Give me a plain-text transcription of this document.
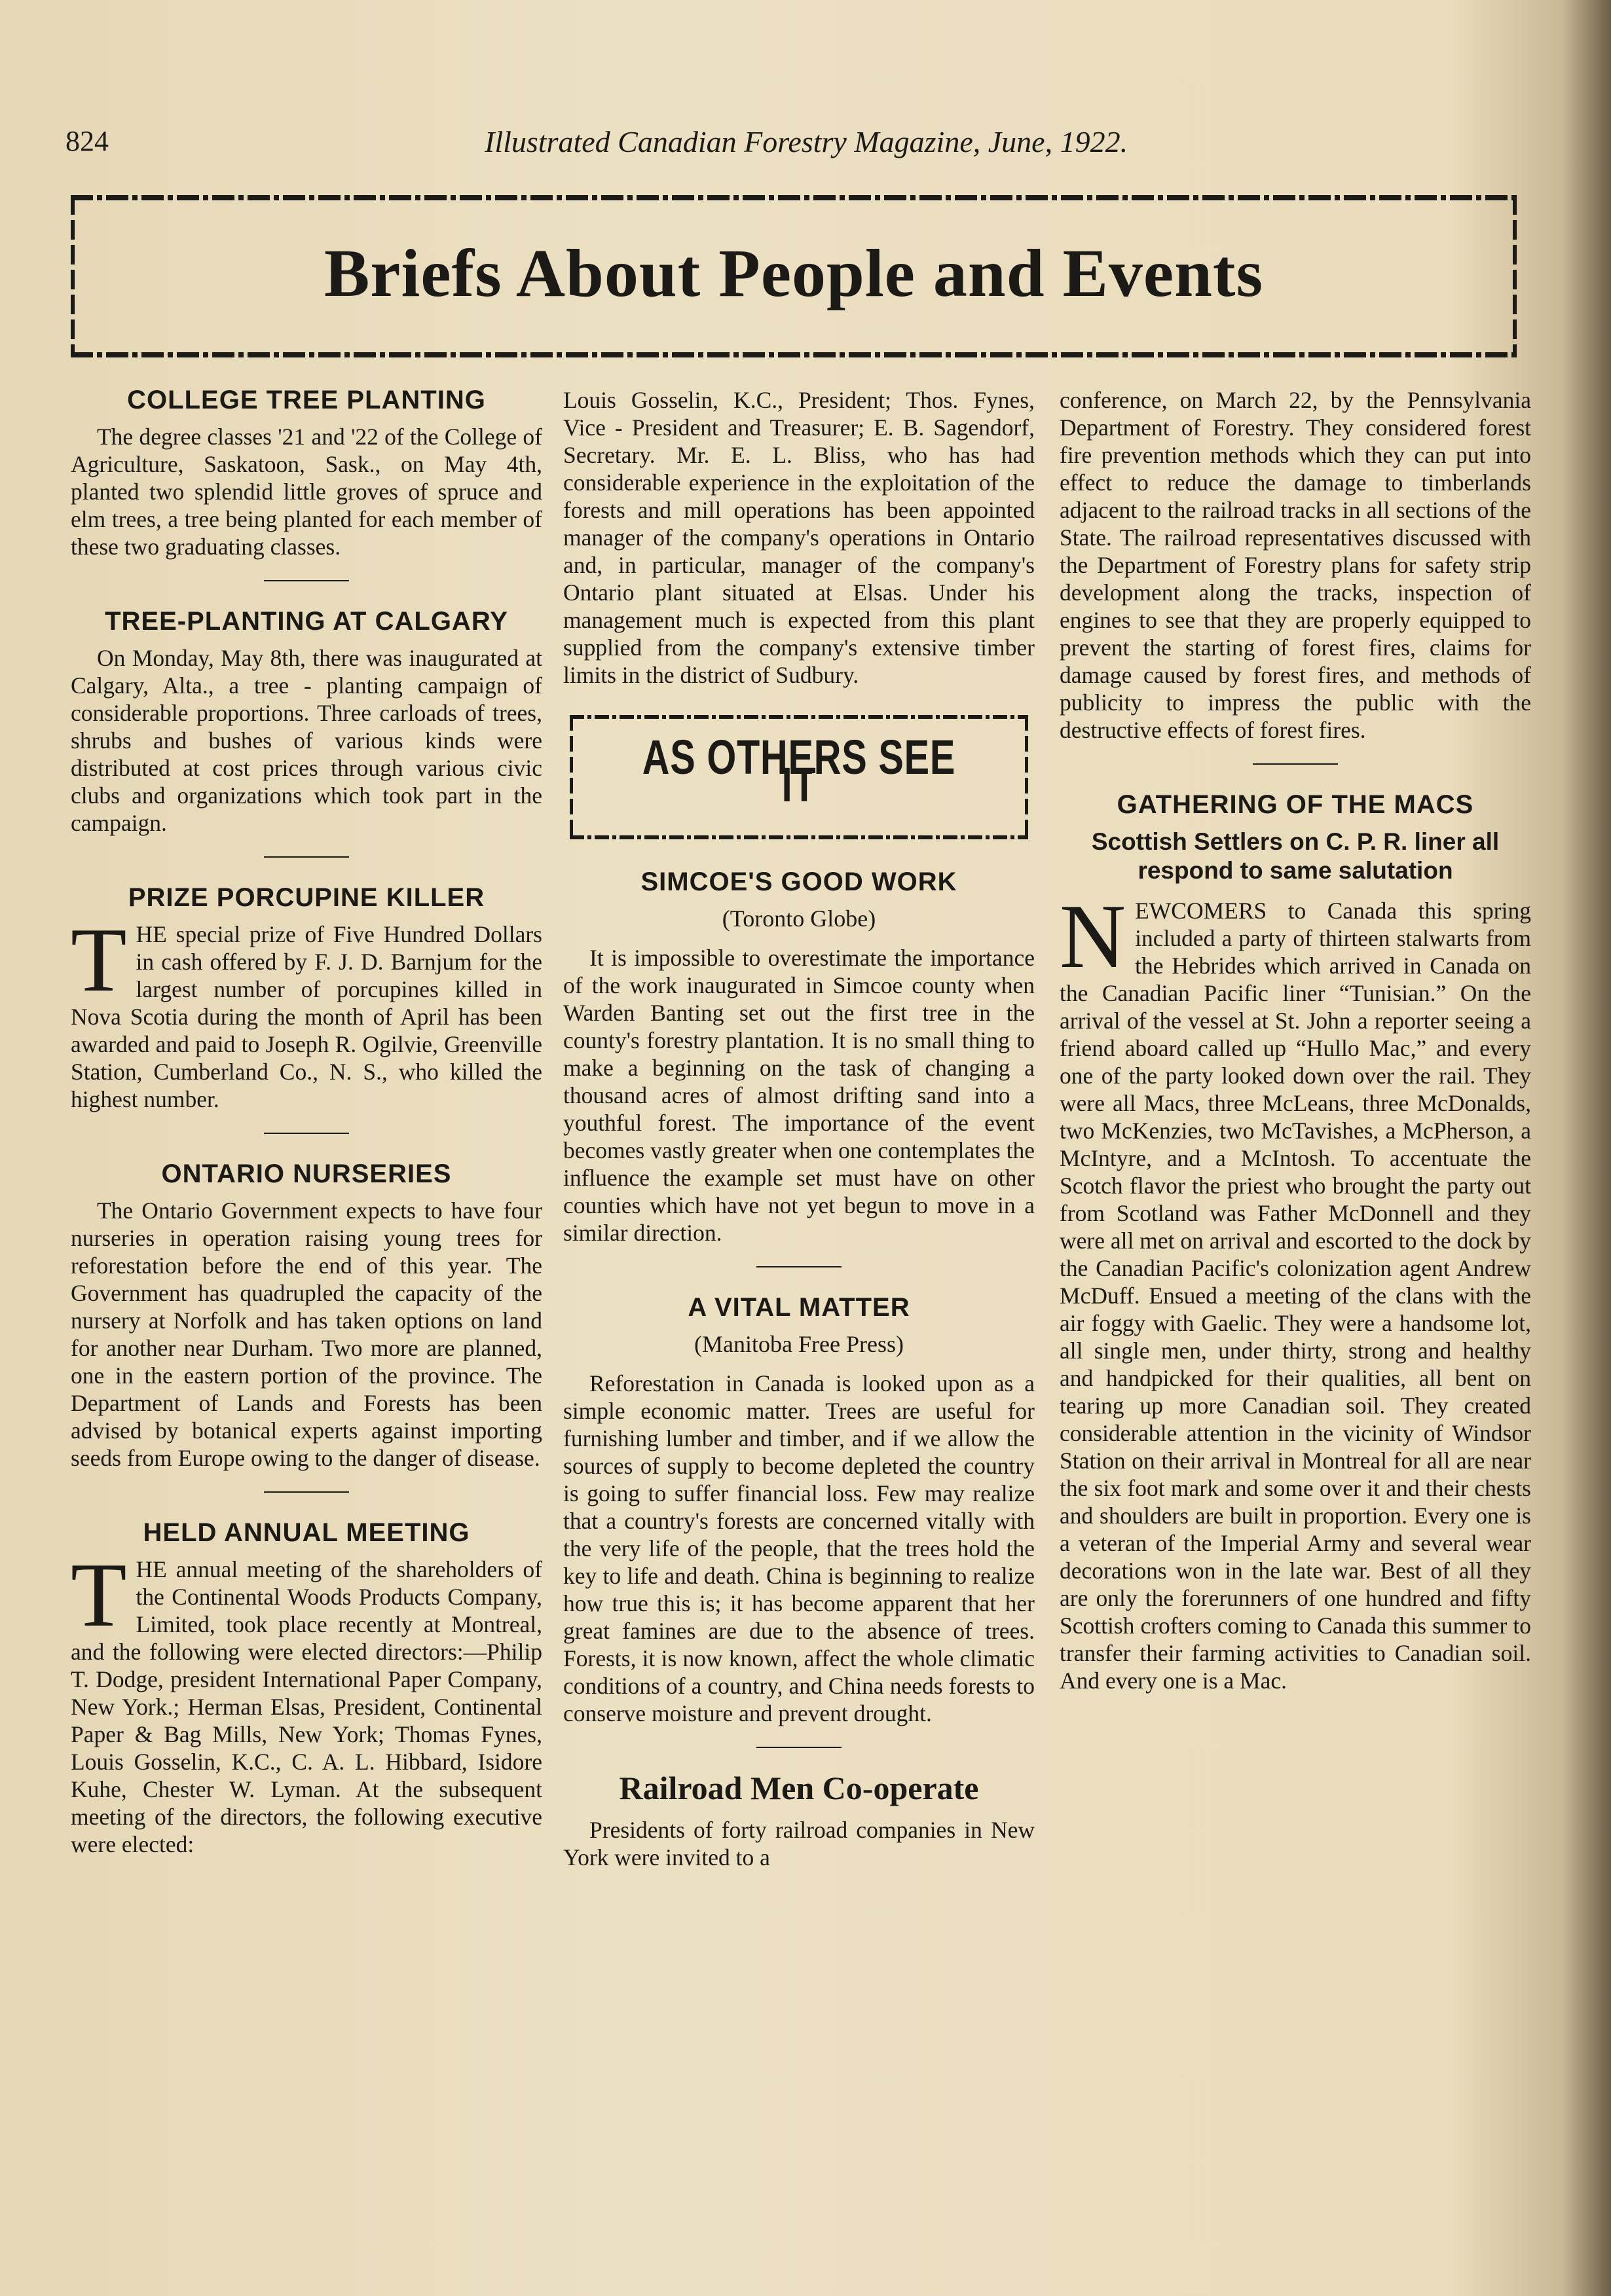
824	Illustrated Canadian Forestry Magazine, June, 1922.
Briefs About People and Events
COLLEGE TREE PLANTING

The degree classes '21 and '22 of the College of Agriculture, Saskatoon, Sask., on May 4th, planted two splendid little groves of spruce and elm trees, a tree being planted for each member of these two graduating classes.

TREE-PLANTING AT CALGARY

On Monday, May 8th, there was inaugurated at Calgary, Alta., a tree - planting campaign of considerable proportions. Three carloads of trees, shrubs and bushes of various kinds were distributed at cost prices through various civic clubs and organizations which took part in the campaign.

PRIZE PORCUPINE KILLER

THE special prize of Five Hundred Dollars in cash offered by F. J. D. Barnjum for the largest number of porcupines killed in Nova Scotia during the month of April has been awarded and paid to Joseph R. Ogilvie, Greenville Station, Cumberland Co., N. S., who killed the highest number.

ONTARIO NURSERIES

The Ontario Government expects to have four nurseries in operation raising young trees for reforestation before the end of this year. The Government has quadrupled the capacity of the nursery at Norfolk and has taken options on land for another near Durham. Two more are planned, one in the eastern portion of the province. The Department of Lands and Forests has been advised by botanical experts against importing seeds from Europe owing to the danger of disease.

HELD ANNUAL MEETING

THE annual meeting of the shareholders of the Continental Woods Products Company, Limited, took place recently at Montreal, and the following were elected directors:—Philip T. Dodge, president International Paper Company, New York.; Herman Elsas, President, Continental Paper & Bag Mills, New York; Thomas Fynes, Louis Gosselin, K.C., C. A. L. Hibbard, Isidore Kuhe, Chester W. Lyman. At the subsequent meeting of the directors, the following executive were elected:

Louis Gosselin, K.C., President; Thos. Fynes, Vice - President and Treasurer; E. B. Sagendorf, Secretary. Mr. E. L. Bliss, who has had considerable experience in the exploitation of the forests and mill operations has been appointed manager of the company's operations in Ontario and, in particular, manager of the company's Ontario plant situated at Elsas. Under his management much is expected from this plant supplied from the company's extensive timber limits in the district of Sudbury.

AS OTHERS SEE IT
SIMCOE'S GOOD WORK
(Toronto Globe)

It is impossible to overestimate the importance of the work inaugurated in Simcoe county when Warden Banting set out the first tree in the county's forestry plantation. It is no small thing to make a beginning on the task of changing a thousand acres of almost drifting sand into a youthful forest. The importance of the event becomes vastly greater when one contemplates the influence the example set must have on other counties which have not yet begun to move in a similar direction.

A VITAL MATTER
(Manitoba Free Press)

Reforestation in Canada is looked upon as a simple economic matter. Trees are useful for furnishing lumber and timber, and if we allow the sources of supply to become depleted the country is going to suffer financial loss. Few may realize that a country's forests are concerned vitally with the very life of the people, that the trees hold the key to life and death. China is beginning to realize how true this is; it has become apparent that her great famines are due to the absence of trees. Forests, it is now known, affect the whole climatic conditions of a country, and China needs forests to conserve moisture and prevent drought.

Railroad Men Co-operate

Presidents of forty railroad companies in New York were invited to a

conference, on March 22, by the Pennsylvania Department of Forestry. They considered forest fire prevention methods which they can put into effect to reduce the damage to timberlands adjacent to the railroad tracks in all sections of the State. The railroad representatives discussed with the Department of Forestry plans for safety strip development along the tracks, inspection of engines to see that they are properly equipped to prevent the starting of forest fires, claims for damage caused by forest fires, and methods of publicity to impress the public with the destructive effects of forest fires.

GATHERING OF THE MACS
Scottish Settlers on C. P. R. liner all respond to same salutation

NEWCOMERS to Canada this spring included a party of thirteen stalwarts from the Hebrides which arrived in Canada on the Canadian Pacific liner “Tunisian.” On the arrival of the vessel at St. John a reporter seeing a friend aboard called up “Hullo Mac,” and every one of the party looked down over the rail. They were all Macs, three McLeans, three McDonalds, two McKenzies, two McTavishes, a McPherson, a McIntyre, and a McIntosh. To accentuate the Scotch flavor the priest who brought the party out from Scotland was Father McDonnell and they were all met on arrival and escorted to the dock by the Canadian Pacific's colonization agent Andrew McDuff. Ensued a meeting of the clans with the air foggy with Gaelic. They were a handsome lot, all single men, under thirty, strong and healthy and handpicked for their qualities, all bent on tearing up more Canadian soil. They created considerable attention in the vicinity of Windsor Station on their arrival in Montreal for all are near the six foot mark and some over it and their chests and shoulders are built in proportion. Every one is a veteran of the Imperial Army and several wear decorations won in the late war. Best of all they are only the forerunners of one hundred and fifty Scottish crofters coming to Canada this summer to transfer their farming activities to Canadian soil. And every one is a Mac.
